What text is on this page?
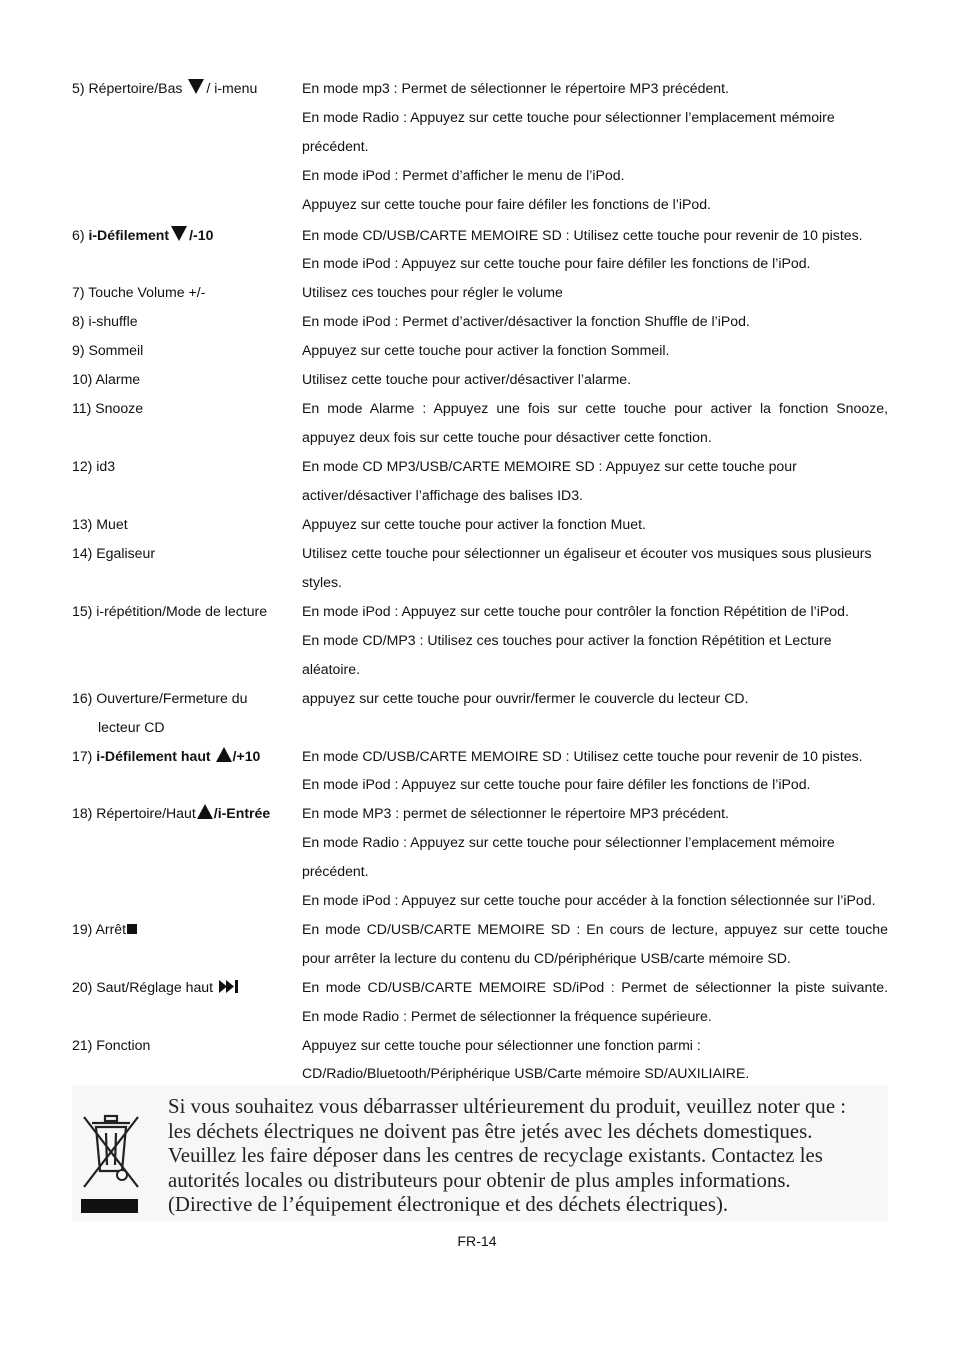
5) Répertoire/Bas / i-menu	En mode mp3 : Permet de sélectionner le répertoire MP3 précédent.

En mode Radio : Appuyez sur cette touche pour sélectionner l’emplacement mémoire

précédent.

En mode iPod : Permet d’afficher le menu de l’iPod.

Appuyez sur cette touche pour faire défiler les fonctions de l’iPod.

6) i-Défilement /-10	En mode CD/USB/CARTE MEMOIRE SD : Utilisez cette touche pour revenir de 10 pistes.

En mode iPod : Appuyez sur cette touche pour faire défiler les fonctions de l’iPod.

7) Touche Volume +/-	Utilisez ces touches pour régler le volume

8) i-shuffle	En mode iPod : Permet d’activer/désactiver la fonction Shuffle de l’iPod.

9) Sommeil	Appuyez sur cette touche pour activer la fonction Sommeil.

10) Alarme	Utilisez cette touche pour activer/désactiver l’alarme.

11) Snooze	En mode Alarme : Appuyez une fois sur cette touche pour activer la fonction Snooze,

appuyez deux fois sur cette touche pour désactiver cette fonction.

12) id3	En mode CD MP3/USB/CARTE MEMOIRE SD : Appuyez sur cette touche pour

activer/désactiver l’affichage des balises ID3.

13) Muet	Appuyez sur cette touche pour activer la fonction Muet.

14) Egaliseur	Utilisez cette touche pour sélectionner un égaliseur et écouter vos musiques sous plusieurs

styles.

15) i-répétition/Mode de lecture	En mode iPod : Appuyez sur cette touche pour contrôler la fonction Répétition de l’iPod.

En mode CD/MP3 : Utilisez ces touches pour activer la fonction Répétition et Lecture

aléatoire.

16) Ouverture/Fermeture du
lecteur CD

appuyez sur cette touche pour ouvrir/fermer le couvercle du lecteur CD.

17) i-Défilement haut /+10	En mode CD/USB/CARTE MEMOIRE SD : Utilisez cette touche pour revenir de 10 pistes.

En mode iPod : Appuyez sur cette touche pour faire défiler les fonctions de l’iPod.

18) Répertoire/Haut /i-Entrée	En mode MP3 : permet de sélectionner le répertoire MP3 précédent.

En mode Radio : Appuyez sur cette touche pour sélectionner l’emplacement mémoire

précédent.

En mode iPod : Appuyez sur cette touche pour accéder à la fonction sélectionnée sur l’iPod.

19) Arrêt	En mode CD/USB/CARTE MEMOIRE SD : En cours de lecture, appuyez sur cette touche

pour arrêter la lecture du contenu du CD/périphérique USB/carte mémoire SD.

20) Saut/Réglage haut	En mode CD/USB/CARTE MEMOIRE SD/iPod : Permet de sélectionner la piste suivante.

En mode Radio : Permet de sélectionner la fréquence supérieure.

21) Fonction	Appuyez sur cette touche pour sélectionner une fonction parmi :

CD/Radio/Bluetooth/Périphérique USB/Carte mémoire SD/AUXILIAIRE.

Si vous souhaitez vous débarrasser ultérieurement du produit, veuillez noter que :

les déchets électriques ne doivent pas être jetés avec les déchets domestiques.

Veuillez les faire déposer dans les centres de recyclage existants. Contactez les

autorités locales ou distributeurs pour obtenir de plus amples informations.

(Directive de l’équipement électronique et des déchets électriques).

FR-14
